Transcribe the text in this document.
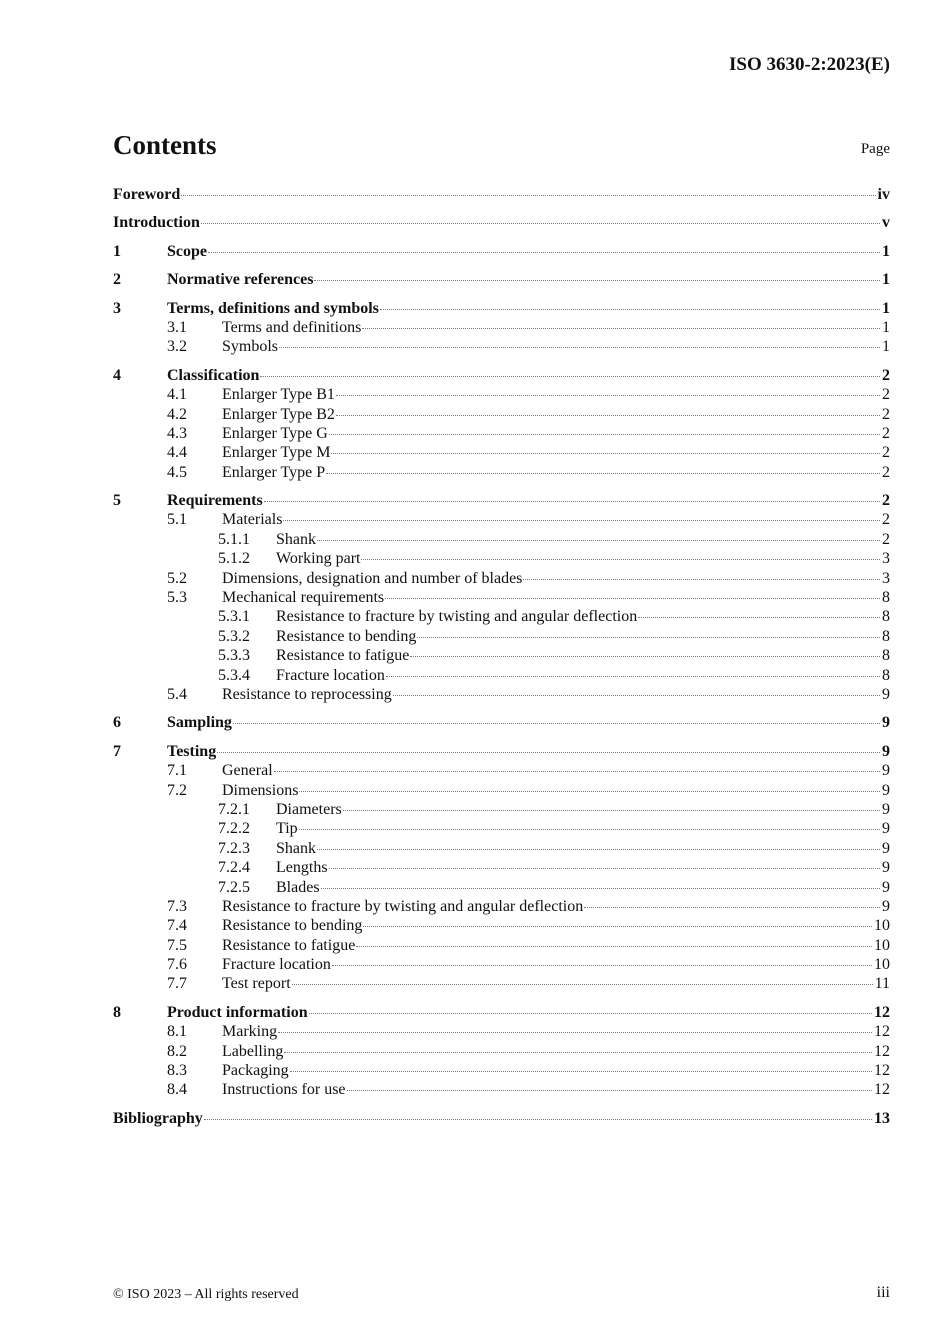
ISO 3630-2:2023(E)
Contents	Page
Foreword	iv
Introduction	v
1	Scope	1
2	Normative references	1
3	Terms, definitions and symbols	1
3.1	Terms and definitions	1
3.2	Symbols	1
4	Classification	2
4.1	Enlarger Type B1	2
4.2	Enlarger Type B2	2
4.3	Enlarger Type G	2
4.4	Enlarger Type M	2
4.5	Enlarger Type P	2
5	Requirements	2
5.1	Materials	2
5.1.1	Shank	2
5.1.2	Working part	3
5.2	Dimensions, designation and number of blades	3
5.3	Mechanical requirements	8
5.3.1	Resistance to fracture by twisting and angular deflection	8
5.3.2	Resistance to bending	8
5.3.3	Resistance to fatigue	8
5.3.4	Fracture location	8
5.4	Resistance to reprocessing	9
6	Sampling	9
7	Testing	9
7.1	General	9
7.2	Dimensions	9
7.2.1	Diameters	9
7.2.2	Tip	9
7.2.3	Shank	9
7.2.4	Lengths	9
7.2.5	Blades	9
7.3	Resistance to fracture by twisting and angular deflection	9
7.4	Resistance to bending	10
7.5	Resistance to fatigue	10
7.6	Fracture location	10
7.7	Test report	11
8	Product information	12
8.1	Marking	12
8.2	Labelling	12
8.3	Packaging	12
8.4	Instructions for use	12
Bibliography	13
© ISO 2023 – All rights reserved	iii
